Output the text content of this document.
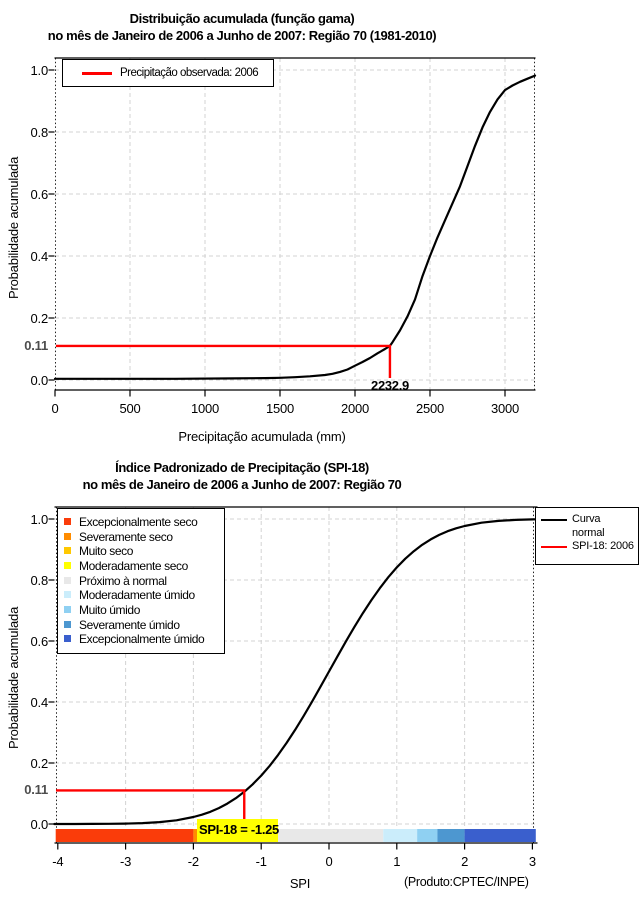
Distribuição acumulada (função gama)
no mês de Janeiro de 2006 a Junho de 2007: Região 70 (1981-2010)
Probabilidade acumulada
Precipitação acumulada (mm)
Precipitação observada: 2006
0.11
2232.9
Índice Padronizado de Precipitação (SPI-18)
no mês de Janeiro de 2006 a Junho de 2007: Região 70
Probabilidade acumulada
SPI	(Produto:CPTEC/INPE)
0.11
SPI-18 = -1.25
0	500	1000	1500	2000	2500	3000
1.0
0.8
0.6
0.4
0.2
0.0
-4	-3	-2	-1	0	1	2	3
1.0
0.8
0.6
0.4
0.2
0.0
Excepcionalmente seco
Severamente seco
Muito seco
Moderadamente seco
Próximo à normal
Moderadamente úmido
Muito úmido
Severamente úmido
Excepcionalmente úmido
Curva
normal
SPI-18: 2006
